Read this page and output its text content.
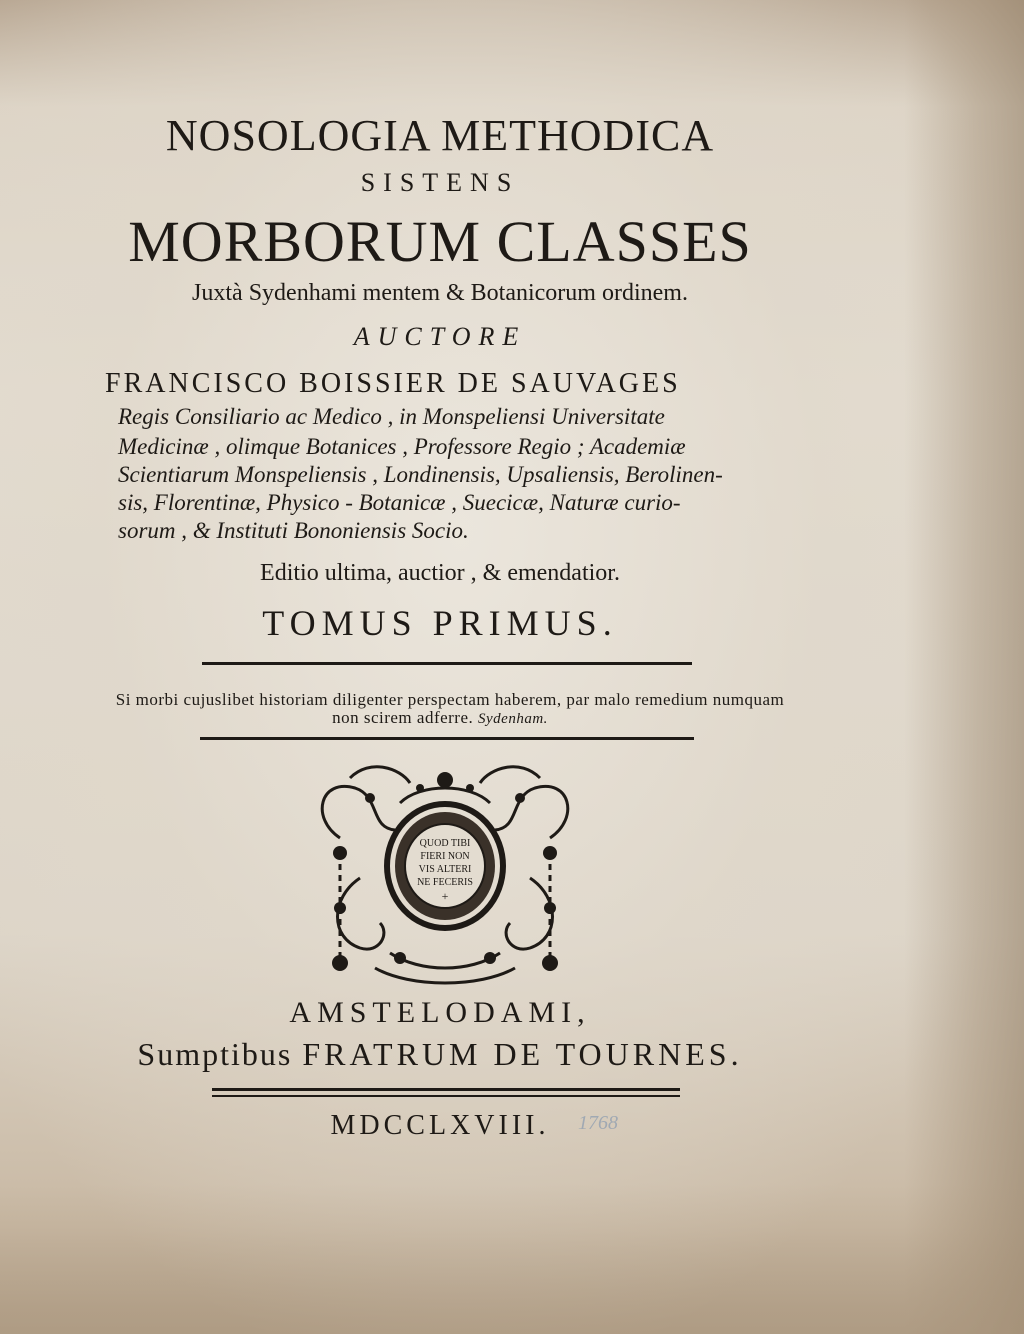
NOSOLOGIA METHODICA
SISTENS
MORBORUM CLASSES
Juxtà Sydenhami mentem & Botanicorum ordinem.
AUCTORE
FRANCISCO BOISSIER DE SAUVAGES
Regis Consiliario ac Medico , in Monspeliensi Universitate
Medicinæ , olimque Botanices , Professore Regio ; Academiæ
Scientiarum Monspeliensis , Londinensis, Upsaliensis, Berolinen-
sis, Florentinæ, Physico - Botanicæ , Suecicæ, Naturæ curio-
sorum , & Instituti Bononiensis Socio.
Editio ultima, auctior , & emendatior.
TOMUS PRIMUS.
Si morbi cujuslibet historiam diligenter perspectam haberem, par malo remedium numquam
non scirem adferre. Sydenham.
QUOD TIBI
FIERI NON
VIS ALTERI
NE FECERIS
+
AMSTELODAMI,
Sumptibus FRATRUM DE TOURNES.
MDCCLXVIII.	1768
